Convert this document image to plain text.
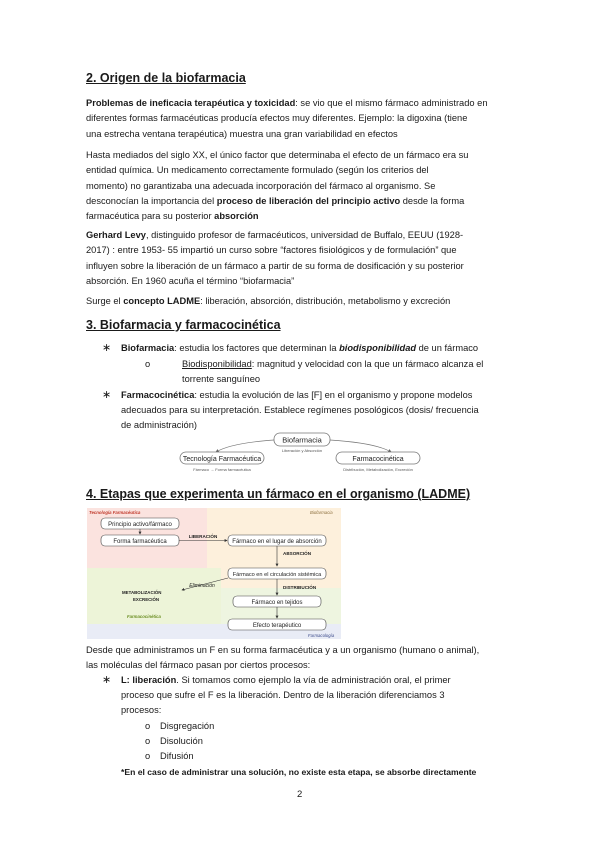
2. Origen de la biofarmacia
Problemas de ineficacia terapéutica y toxicidad: se vio que el mismo fármaco administrado en
diferentes formas farmacéuticas producía efectos muy diferentes. Ejemplo: la digoxina (tiene
una estrecha ventana terapéutica) muestra una gran variabilidad en efectos
Hasta mediados del siglo XX, el único factor que determinaba el efecto de un fármaco era su
entidad química. Un medicamento correctamente formulado (según los criterios del
momento) no garantizaba una adecuada incorporación del fármaco al organismo. Se
desconocían la importancia del proceso de liberación del principio activo desde la forma
farmacéutica para su posterior absorción
Gerhard Levy, distinguido profesor de farmacéuticos, universidad de Buffalo, EEUU (1928-
2017) : entre 1953- 55 impartió un curso sobre “factores fisiológicos y de formulación” que
influyen sobre la liberación de un fármaco a partir de su forma de dosificación y su posterior
absorción. En 1960 acuña el término “biofarmacia”
Surge el concepto LADME: liberación, absorción, distribución, metabolismo y excreción
3. Biofarmacia y farmacocinética
∗ Biofarmacia: estudia los factores que determinan la biodisponibilidad de un fármaco
o	Biodisponibilidad: magnitud y velocidad con la que un fármaco alcanza el
torrente sanguíneo
∗ Farmacocinética: estudia la evolución de las [F] en el organismo y propone modelos
adecuados para su interpretación. Establece regímenes posológicos (dosis/ frecuencia
de administración)
Biofarmacia
Liberación y Absorción
Tecnología Farmacéutica
Fármaco → Forma farmacéutica
Farmacocinética
Distribución, Metabolización, Excreción
4. Etapas que experimenta un fármaco en el organismo (LADME)
Tecnología Farmacéutica	Biofarmacia
Farmacocinética
Farmacología
Principio activo/fármaco
Forma farmacéutica
LIBERACIÓN
Fármaco en el lugar de absorción
ABSORCIÓN
Fármaco en el circulación sistémica
Eliminación
METABOLIZACIÓN
EXCRECIÓN
DISTRIBUCIÓN
Fármaco en tejidos
Efecto terapéutico
Desde que administramos un F en su forma farmacéutica y a un organismo (humano o animal),
las moléculas del fármaco pasan por ciertos procesos:
∗ L: liberación. Si tomamos como ejemplo la vía de administración oral, el primer
proceso que sufre el F es la liberación. Dentro de la liberación diferenciamos 3
procesos:
o Disgregación
o Disolución
o Difusión
*En el caso de administrar una solución, no existe esta etapa, se absorbe directamente
2
